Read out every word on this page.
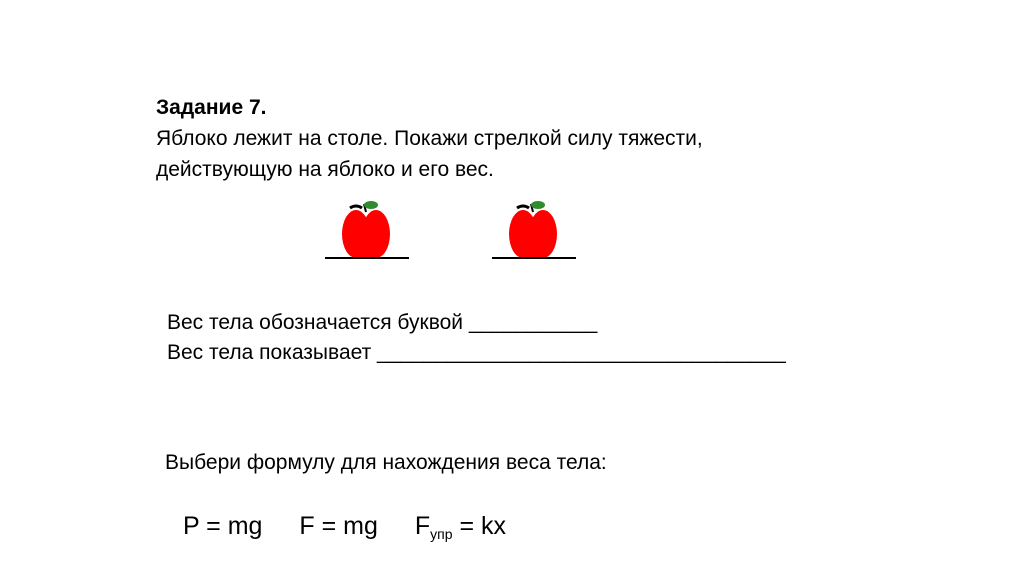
Задание 7.
Яблоко лежит на столе. Покажи стрелкой силу тяжести,
действующую на яблоко и его вес.
Вес тела обозначается буквой ___________
Вес тела показывает ___________________________________
Выбери формулу для нахождения веса тела:
P = mg F = mg $F_{упр}$ = kx
